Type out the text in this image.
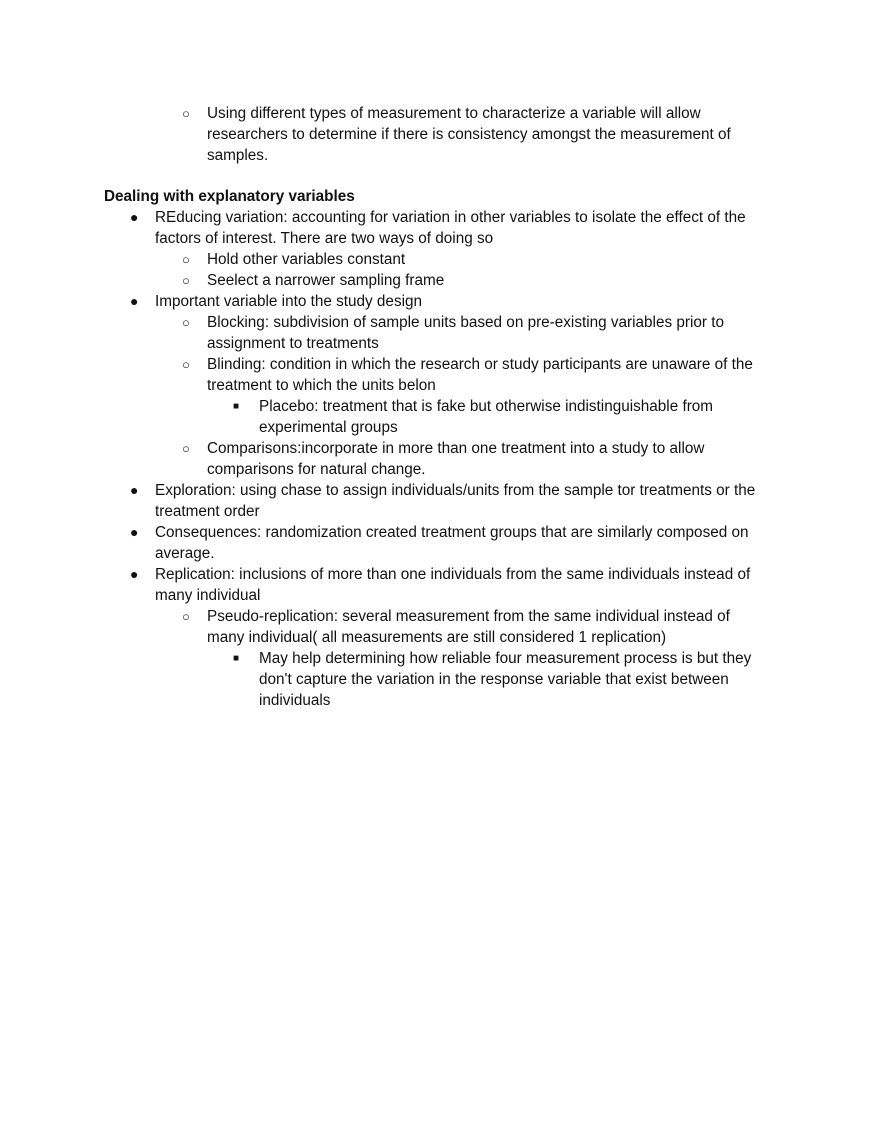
○ Using different types of measurement to characterize a variable will allow
researchers to determine if there is consistency amongst the measurement of
samples.
Dealing with explanatory variables
● REducing variation: accounting for variation in other variables to isolate the effect of the
factors of interest. There are two ways of doing so
○ Hold other variables constant
○ Seelect a narrower sampling frame
● Important variable into the study design
○ Blocking: subdivision of sample units based on pre-existing variables prior to
assignment to treatments
○ Blinding: condition in which the research or study participants are unaware of the
treatment to which the units belon
■ Placebo: treatment that is fake but otherwise indistinguishable from
experimental groups
○ Comparisons:incorporate in more than one treatment into a study to allow
comparisons for natural change.
● Exploration: using chase to assign individuals/units from the sample tor treatments or the
treatment order
● Consequences: randomization created treatment groups that are similarly composed on
average.
● Replication: inclusions of more than one individuals from the same individuals instead of
many individual
○ Pseudo-replication: several measurement from the same individual instead of
many individual( all measurements are still considered 1 replication)
■ May help determining how reliable four measurement process is but they
don't capture the variation in the response variable that exist between
individuals
